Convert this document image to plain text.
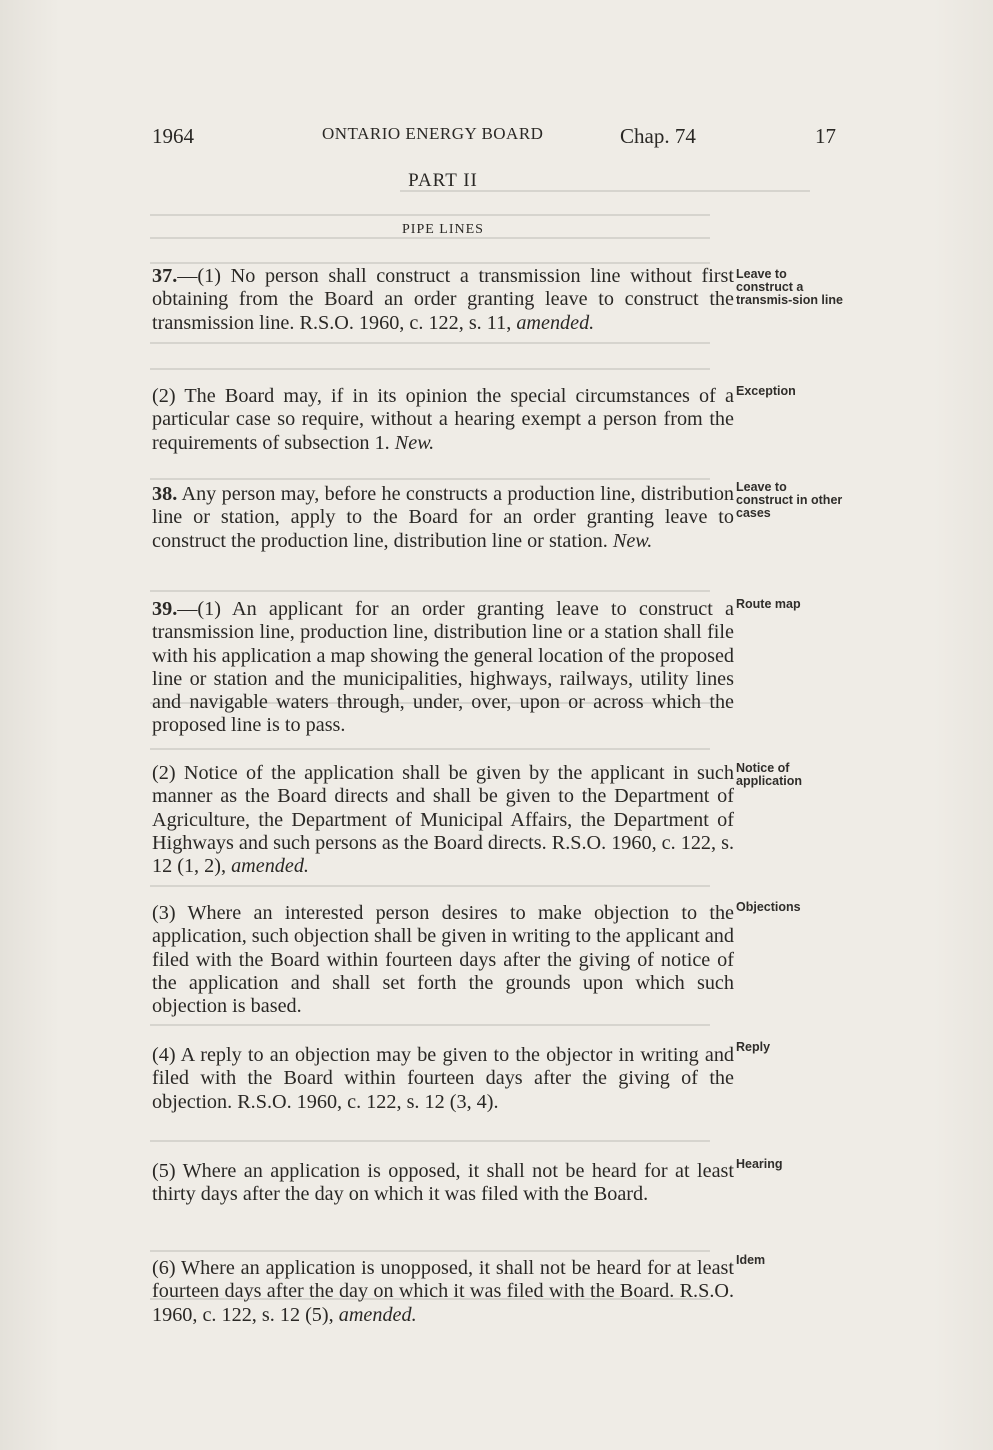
1964	ONTARIO ENERGY BOARD	Chap. 74	17
PART II
PIPE LINES

37.—(1) No person shall construct a transmission line without first obtaining from the Board an order granting leave to construct the transmission line. R.S.O. 1960, c. 122, s. 11, amended.

Leave to construct a transmis-sion line

(2) The Board may, if in its opinion the special circumstances of a particular case so require, without a hearing exempt a person from the requirements of subsection 1. New.

Exception

38. Any person may, before he constructs a production line, distribution line or station, apply to the Board for an order granting leave to construct the production line, distribution line or station. New.

Leave to construct in other cases

39.—(1) An applicant for an order granting leave to construct a transmission line, production line, distribution line or a station shall file with his application a map showing the general location of the proposed line or station and the municipalities, highways, railways, utility lines and navigable waters through, under, over, upon or across which the proposed line is to pass.

Route map

(2) Notice of the application shall be given by the applicant in such manner as the Board directs and shall be given to the Department of Agriculture, the Department of Municipal Affairs, the Department of Highways and such persons as the Board directs. R.S.O. 1960, c. 122, s. 12 (1, 2), amended.

Notice of application

(3) Where an interested person desires to make objection to the application, such objection shall be given in writing to the applicant and filed with the Board within fourteen days after the giving of notice of the application and shall set forth the grounds upon which such objection is based.

Objections

(4) A reply to an objection may be given to the objector in writing and filed with the Board within fourteen days after the giving of the objection. R.S.O. 1960, c. 122, s. 12 (3, 4).

Reply

(5) Where an application is opposed, it shall not be heard for at least thirty days after the day on which it was filed with the Board.

Hearing

(6) Where an application is unopposed, it shall not be heard for at least fourteen days after the day on which it was filed with the Board. R.S.O. 1960, c. 122, s. 12 (5), amended.

Idem
